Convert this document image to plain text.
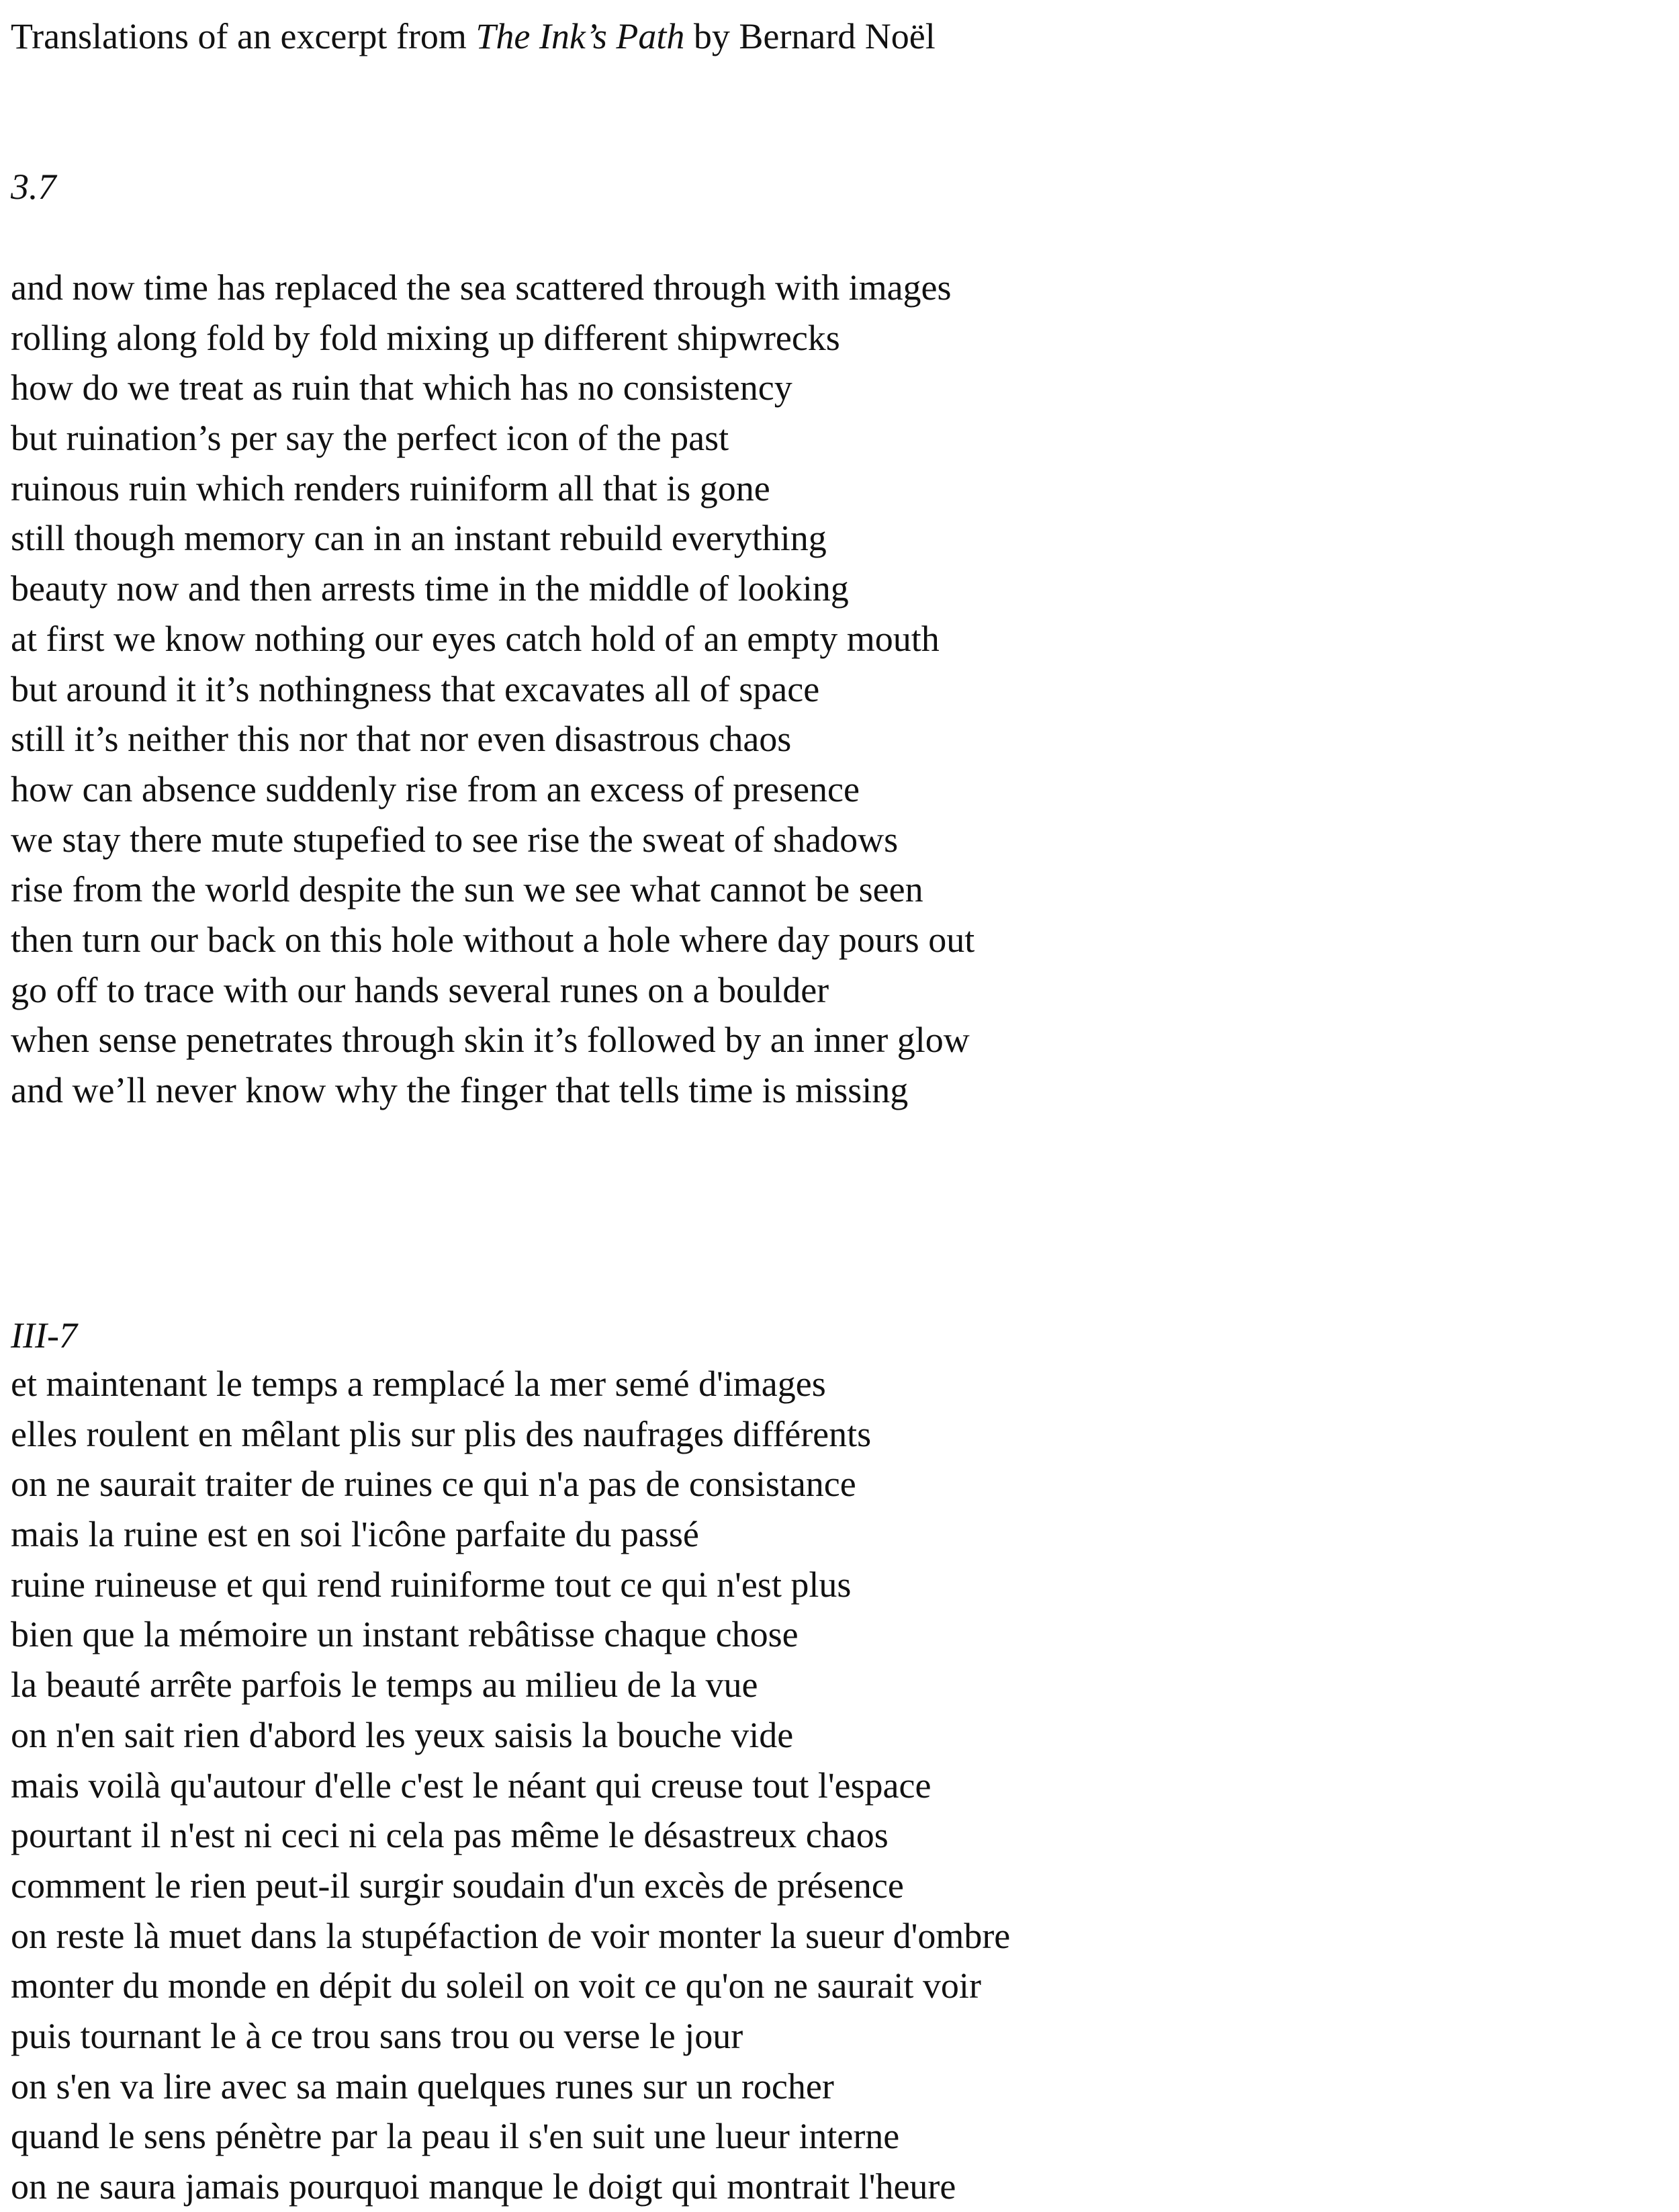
Translations of an excerpt from The Ink’s Path by Bernard Noël
3.7
and now time has replaced the sea scattered through with images
rolling along fold by fold mixing up different shipwrecks
how do we treat as ruin that which has no consistency
but ruination’s per say the perfect icon of the past
ruinous ruin which renders ruiniform all that is gone
still though memory can in an instant rebuild everything
beauty now and then arrests time in the middle of looking
at first we know nothing our eyes catch hold of an empty mouth
but around it it’s nothingness that excavates all of space
still it’s neither this nor that nor even disastrous chaos
how can absence suddenly rise from an excess of presence
we stay there mute stupefied to see rise the sweat of shadows
rise from the world despite the sun we see what cannot be seen
then turn our back on this hole without a hole where day pours out
go off to trace with our hands several runes on a boulder
when sense penetrates through skin it’s followed by an inner glow
and we’ll never know why the finger that tells time is missing
III-7
et maintenant le temps a remplacé la mer semé d'images
elles roulent en mêlant plis sur plis des naufrages différents
on ne saurait traiter de ruines ce qui n'a pas de consistance
mais la ruine est en soi l'icône parfaite du passé
ruine ruineuse et qui rend ruiniforme tout ce qui n'est plus
bien que la mémoire un instant rebâtisse chaque chose
la beauté arrête parfois le temps au milieu de la vue
on n'en sait rien d'abord les yeux saisis la bouche vide
mais voilà qu'autour d'elle c'est le néant qui creuse tout l'espace
pourtant il n'est ni ceci ni cela pas même le désastreux chaos
comment le rien peut-il surgir soudain d'un excès de présence
on reste là muet dans la stupéfaction de voir monter la sueur d'ombre
monter du monde en dépit du soleil on voit ce qu'on ne saurait voir
puis tournant le à ce trou sans trou ou verse le jour
on s'en va lire avec sa main quelques runes sur un rocher
quand le sens pénètre par la peau il s'en suit une lueur interne
on ne saura jamais pourquoi manque le doigt qui montrait l'heure
